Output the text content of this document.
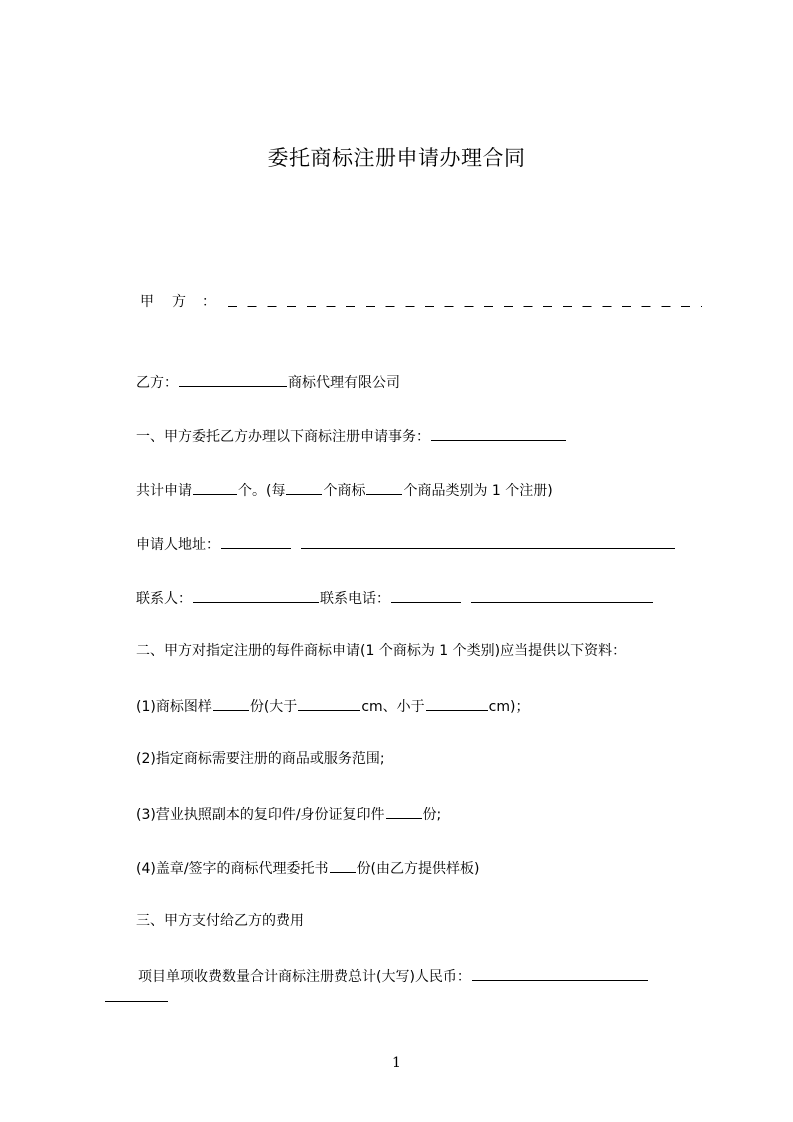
委托商标注册申请办理合同
甲方
：
乙方：	商标代理有限公司
一、甲方委托乙方办理以下商标注册申请事务：
共计申请	个。(每	个商标	个商品类别为 1 个注册)
申请人地址：
联系人：	联系电话：
二、甲方对指定注册的每件商标申请(1 个商标为 1 个类别)应当提供以下资料：
(1)商标图样	份(大于	cm、小于	cm)；
(2)指定商标需要注册的商品或服务范围;
(3)营业执照副本的复印件/身份证复印件	份;
(4)盖章/签字的商标代理委托书 份(由乙方提供样板)
三、甲方支付给乙方的费用
项目单项收费数量合计商标注册费总计(大写)人民币：
1
